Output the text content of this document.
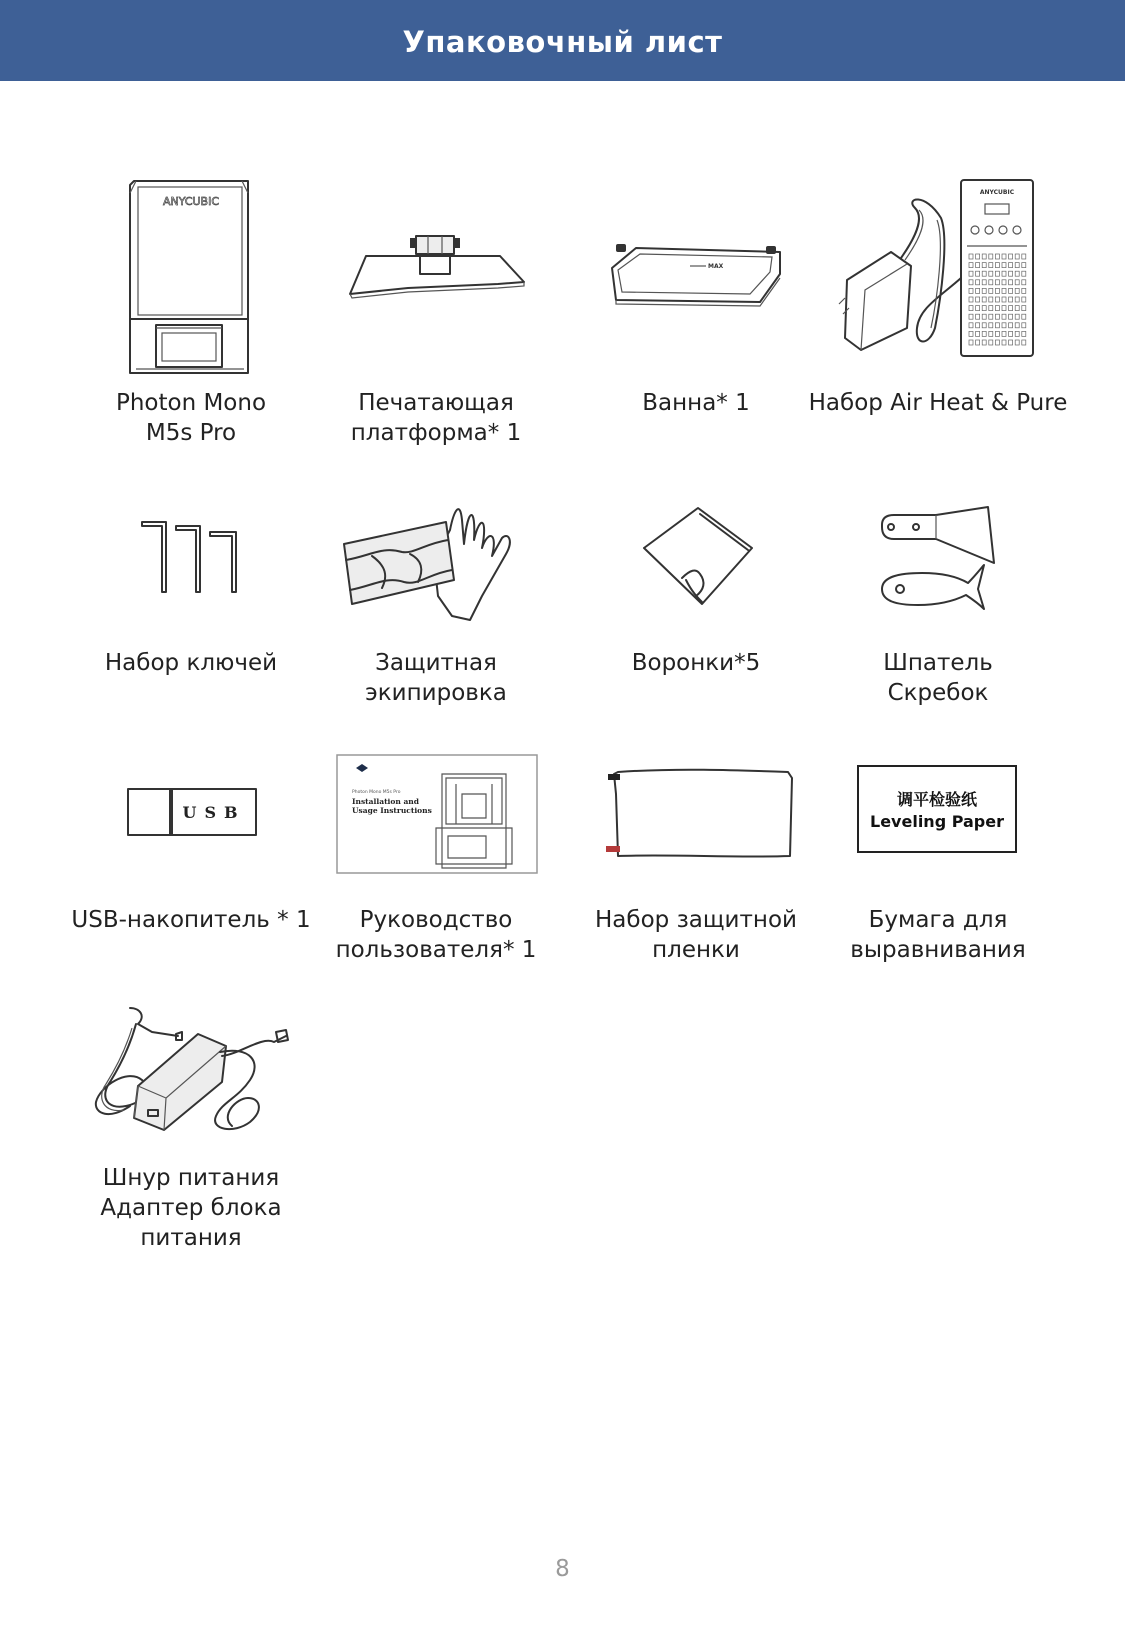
Упаковочный лист
ANYCUBIC
Photon Mono
M5s Pro
Печатающая
платформа* 1
MAX
Ванна* 1
ANYCUBIC
Набор Air Heat & Pure
Набор ключей	Защитная
экипировка
Воронки*5	Шпатель
Скребок
USB
USB-накопитель * 1
Photon Mono M5s Pro
Installation and
Usage Instructions
Руководство
пользователя* 1
Набор защитной
пленки
调平检验纸
Leveling Paper
Бумага для
выравнивания
Шнур питания
Адаптер блока
питания
8
